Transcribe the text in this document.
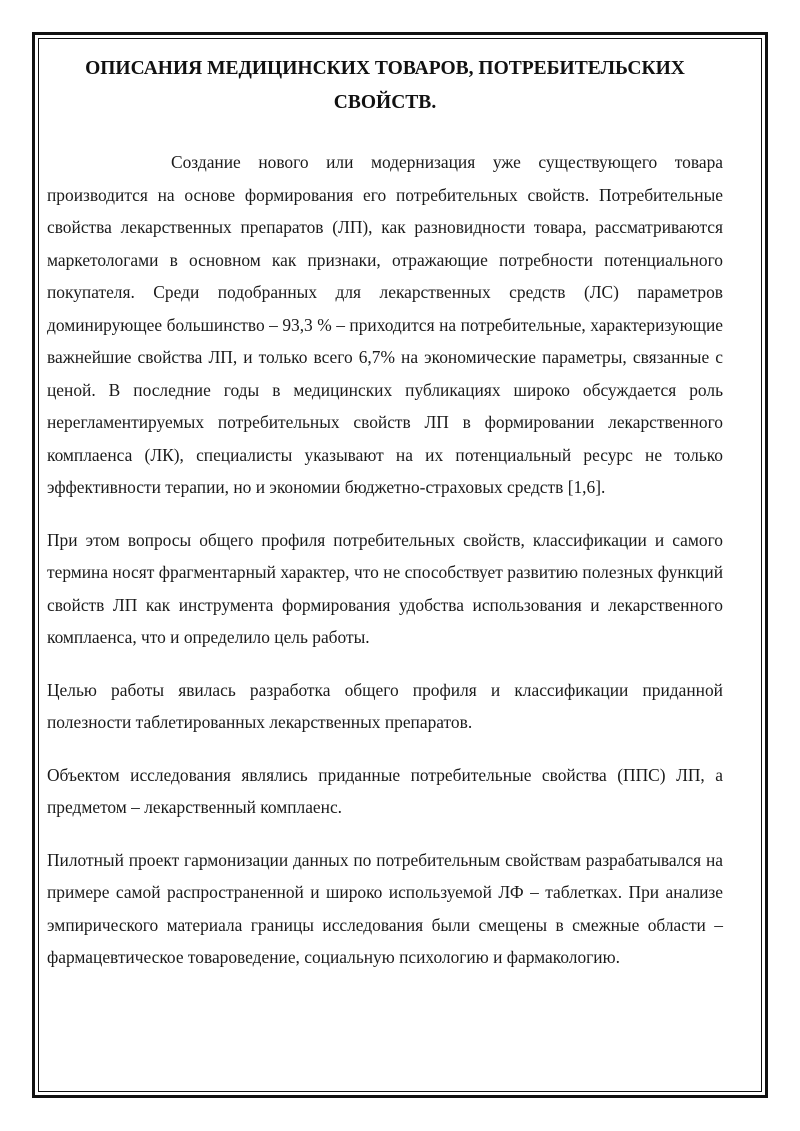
ОПИСАНИЯ МЕДИЦИНСКИХ ТОВАРОВ, ПОТРЕБИТЕЛЬСКИХ СВОЙСТВ.

Создание нового или модернизация уже существующего товара производится на основе формирования его потребительных свойств. Потребительные свойства лекарственных препаратов (ЛП), как разновидности товара, рассматриваются маркетологами в основном как признаки, отражающие потребности потенциального покупателя. Среди подобранных для лекарственных средств (ЛС) параметров доминирующее большинство – 93,3 % – приходится на потребительные, характеризующие важнейшие свойства ЛП, и только всего 6,7% на экономические параметры, связанные с ценой. В последние годы в медицинских публикациях широко обсуждается роль нерегламентируемых потребительных свойств ЛП в формировании лекарственного комплаенса (ЛК), специалисты указывают на их потенциальный ресурс не только эффективности терапии, но и экономии бюджетно-страховых средств [1,6].

При этом вопросы общего профиля потребительных свойств, классификации и самого термина носят фрагментарный характер, что не способствует развитию полезных функций свойств ЛП как инструмента формирования удобства использования и лекарственного комплаенса, что и определило цель работы.

Целью работы явилась разработка общего профиля и классификации приданной полезности таблетированных лекарственных препаратов.

Объектом исследования являлись приданные потребительные свойства (ППС) ЛП, а предметом – лекарственный комплаенс.

Пилотный проект гармонизации данных по потребительным свойствам разрабатывался на примере самой распространенной и широко используемой ЛФ – таблетках. При анализе эмпирического материала границы исследования были смещены в смежные области – фармацевтическое товароведение, социальную психологию и фармакологию.
